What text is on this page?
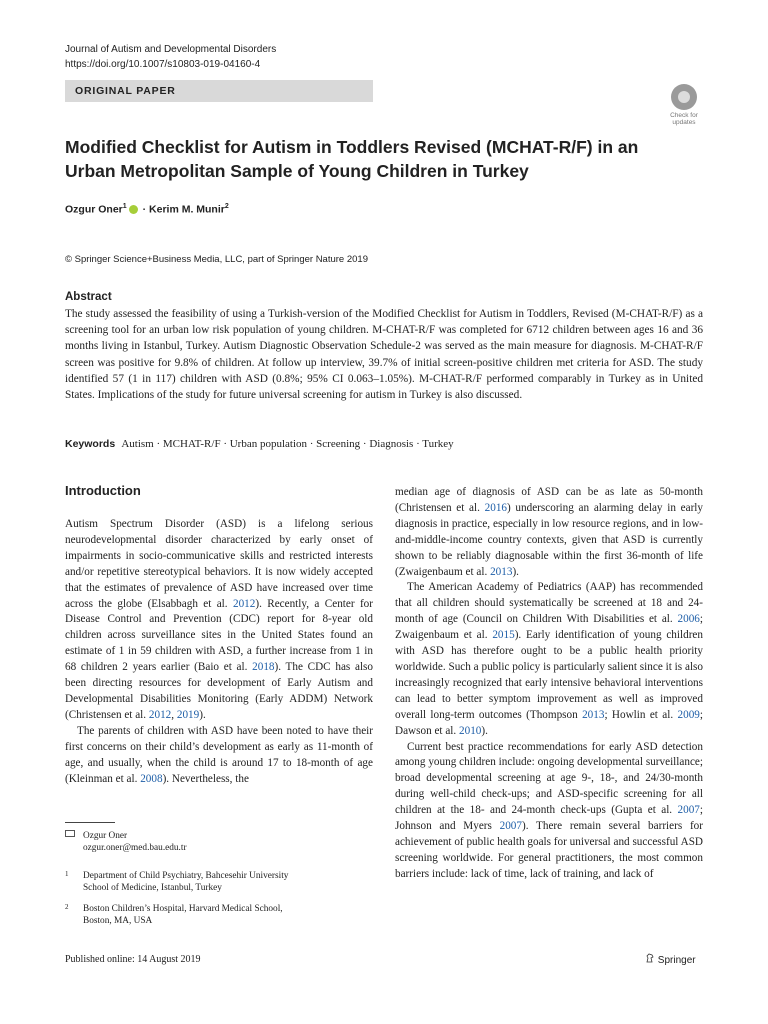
Journal of Autism and Developmental Disorders
https://doi.org/10.1007/s10803-019-04160-4
ORIGINAL PAPER
Check for
updates
Modified Checklist for Autism in Toddlers Revised (MCHAT-R/F) in an Urban Metropolitan Sample of Young Children in Turkey
Ozgur Oner$^1$ · Kerim M. Munir$^2$
© Springer Science+Business Media, LLC, part of Springer Nature 2019
Abstract

The study assessed the feasibility of using a Turkish-version of the Modified Checklist for Autism in Toddlers, Revised (M-CHAT-R/F) as a screening tool for an urban low risk population of young children. M-CHAT-R/F was completed for 6712 children between ages 16 and 36 months living in Istanbul, Turkey. Autism Diagnostic Observation Schedule-2 was served as the main measure for diagnosis. M-CHAT-R/F screen was positive for 9.8% of children. At follow up interview, 39.7% of initial screen-positive children met criteria for ASD. The study identified 57 (1 in 117) children with ASD (0.8%; 95% CI 0.063–1.05%). M-CHAT-R/F performed comparably in Turkey as in United States. Implications of the study for future universal screening for autism in Turkey is also discussed.

Keywords Autism · MCHAT-R/F · Urban population · Screening · Diagnosis · Turkey
Introduction

Autism Spectrum Disorder (ASD) is a lifelong serious neurodevelopmental disorder characterized by early onset of impairments in socio-communicative skills and restricted interests and/or repetitive stereotypical behaviors. It is now widely accepted that the estimates of prevalence of ASD have increased over time across the globe (Elsabbagh et al. 2012). Recently, a Center for Disease Control and Prevention (CDC) report for 8-year old children across surveillance sites in the United States found an estimate of 1 in 59 children with ASD, a further increase from 1 in 68 children 2 years earlier (Baio et al. 2018). The CDC has also been directing resources for development of Early Autism and Developmental Disabilities Monitoring (Early ADDM) Network (Christensen et al. 2012, 2019).

The parents of children with ASD have been noted to have their first concerns on their child’s development as early as 11-month of age, and usually, when the child is around 17 to 18-month of age (Kleinman et al. 2008). Nevertheless, the

median age of diagnosis of ASD can be as late as 50-month (Christensen et al. 2016) underscoring an alarming delay in early diagnosis in practice, especially in low resource regions, and in low-and-middle-income country contexts, given that ASD is currently shown to be reliably diagnosable within the first 36-month of life (Zwaigenbaum et al. 2013).

The American Academy of Pediatrics (AAP) has recommended that all children should systematically be screened at 18 and 24-month of age (Council on Children With Disabilities et al. 2006; Zwaigenbaum et al. 2015). Early identification of young children with ASD has therefore ought to be a public health priority worldwide. Such a public policy is particularly salient since it is also increasingly recognized that early intensive behavioral interventions can lead to better symptom improvement as well as improved overall long-term outcomes (Thompson 2013; Howlin et al. 2009; Dawson et al. 2010).

Current best practice recommendations for early ASD detection among young children include: ongoing developmental surveillance; broad developmental screening at age 9-, 18-, and 24/30-month during well-child check-ups; and ASD-specific screening for all children at the 18- and 24-month check-ups (Gupta et al. 2007; Johnson and Myers 2007). There remain several barriers for achievement of public health goals for universal and successful ASD screening worldwide. For general practitioners, the most common barriers include: lack of time, lack of training, and lack of

Ozgur Oner
ozgur.oner@med.bau.edu.tr
1 Department of Child Psychiatry, Bahcesehir University
School of Medicine, Istanbul, Turkey
2 Boston Children’s Hospital, Harvard Medical School,
Boston, MA, USA
Published online: 14 August 2019	Springer
